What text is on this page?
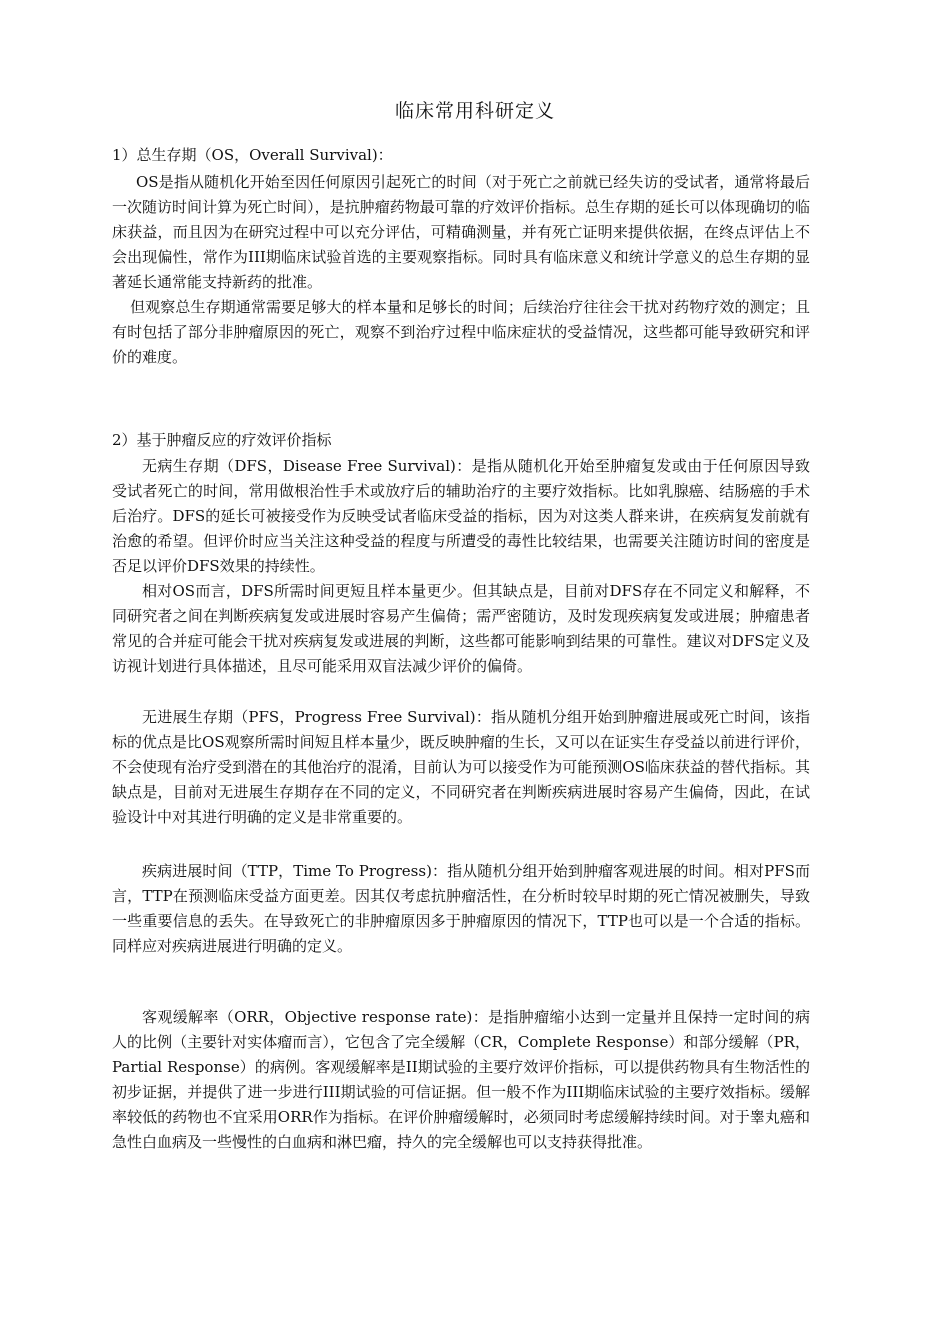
临床常用科研定义
1）总生存期（OS，Overall Survival)：

OS是指从随机化开始至因任何原因引起死亡的时间（对于死亡之前就已经失访的受试者，通常将最后一次随访时间计算为死亡时间），是抗肿瘤药物最可靠的疗效评价指标。总生存期的延长可以体现确切的临床获益，而且因为在研究过程中可以充分评估，可精确测量，并有死亡证明来提供依据，在终点评估上不会出现偏性，常作为III期临床试验首选的主要观察指标。同时具有临床意义和统计学意义的总生存期的显著延长通常能支持新药的批准。

但观察总生存期通常需要足够大的样本量和足够长的时间；后续治疗往往会干扰对药物疗效的测定；且有时包括了部分非肿瘤原因的死亡，观察不到治疗过程中临床症状的受益情况，这些都可能导致研究和评价的难度。

2）基于肿瘤反应的疗效评价指标

无病生存期（DFS，Disease Free Survival)：是指从随机化开始至肿瘤复发或由于任何原因导致受试者死亡的时间，常用做根治性手术或放疗后的辅助治疗的主要疗效指标。比如乳腺癌、结肠癌的手术后治疗。DFS的延长可被接受作为反映受试者临床受益的指标，因为对这类人群来讲，在疾病复发前就有治愈的希望。但评价时应当关注这种受益的程度与所遭受的毒性比较结果，也需要关注随访时间的密度是否足以评价DFS效果的持续性。

相对OS而言，DFS所需时间更短且样本量更少。但其缺点是，目前对DFS存在不同定义和解释，不同研究者之间在判断疾病复发或进展时容易产生偏倚；需严密随访，及时发现疾病复发或进展；肿瘤患者常见的合并症可能会干扰对疾病复发或进展的判断，这些都可能影响到结果的可靠性。建议对DFS定义及访视计划进行具体描述，且尽可能采用双盲法减少评价的偏倚。

无进展生存期（PFS，Progress Free Survival)：指从随机分组开始到肿瘤进展或死亡时间，该指标的优点是比OS观察所需时间短且样本量少，既反映肿瘤的生长，又可以在证实生存受益以前进行评价，不会使现有治疗受到潜在的其他治疗的混淆，目前认为可以接受作为可能预测OS临床获益的替代指标。其缺点是，目前对无进展生存期存在不同的定义，不同研究者在判断疾病进展时容易产生偏倚，因此，在试验设计中对其进行明确的定义是非常重要的。

疾病进展时间（TTP，Time To Progress)：指从随机分组开始到肿瘤客观进展的时间。相对PFS而言，TTP在预测临床受益方面更差。因其仅考虑抗肿瘤活性，在分析时较早时期的死亡情况被删失，导致一些重要信息的丢失。在导致死亡的非肿瘤原因多于肿瘤原因的情况下，TTP也可以是一个合适的指标。同样应对疾病进展进行明确的定义。

客观缓解率（ORR，Objective response rate)：是指肿瘤缩小达到一定量并且保持一定时间的病人的比例（主要针对实体瘤而言），它包含了完全缓解（CR，Complete Response）和部分缓解（PR，Partial Response）的病例。客观缓解率是II期试验的主要疗效评价指标，可以提供药物具有生物活性的初步证据，并提供了进一步进行III期试验的可信证据。但一般不作为III期临床试验的主要疗效指标。缓解率较低的药物也不宜采用ORR作为指标。在评价肿瘤缓解时，必须同时考虑缓解持续时间。对于睾丸癌和急性白血病及一些慢性的白血病和淋巴瘤，持久的完全缓解也可以支持获得批准。
